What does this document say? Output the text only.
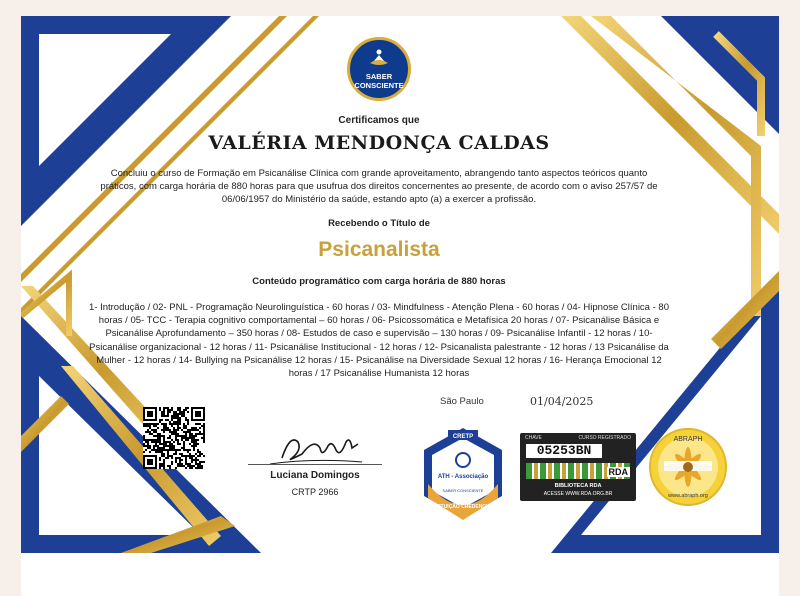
SABER
CONSCIENTE
Certificamos que
VALÉRIA MENDONÇA CALDAS
Concluiu o curso de Formação em Psicanálise Clínica com grande aproveitamento, abrangendo tanto aspectos teóricos quanto práticos, com carga horária de 880 horas para que usufrua dos direitos concernentes ao presente, de acordo com o aviso 257/57 de 06/06/1957 do Ministério da saúde, estando apto (a) a exercer a profissão.
Recebendo o Título de
Psicanalista
Conteúdo programático com carga horária de 880 horas
1- Introdução / 02- PNL - Programação Neurolinguística - 60 horas / 03- Mindfulness - Atenção Plena - 60 horas / 04- Hipnose Clínica - 80 horas / 05- TCC - Terapia cognitivo comportamental – 60 horas / 06- Psicossomática e Metafísica 20 horas / 07- Psicanálise Básica e Psicanálise Aprofundamento – 350 horas / 08- Estudos de caso e supervisão – 130 horas / 09- Psicanálise Infantil - 12 horas / 10- Psicanálise organizacional - 12 horas / 11- Psicanálise Institucional - 12 horas / 12- Psicanalista palestrante - 12 horas / 13 Psicanálise da Mulher - 12 horas / 14- Bullying na Psicanálise 12 horas / 15- Psicanálise na Diversidade Sexual 12 horas / 16- Herança Emocional 12 horas / 17 Psicanálise Humanista 12 horas
São Paulo	01/04/2025
Luciana Domingos
CRTP 2966
CRETP
ATH - Associação
SABER CONSCIENTE
INSTITUIÇÃO CREDENCIADA
CHAVE	CURSO REGISTRADO
05253BN
RDA
BIBLIOTECA RDA
ACESSE WWW.RDA.ORG.BR
ABRAPH
www.abraph.org
